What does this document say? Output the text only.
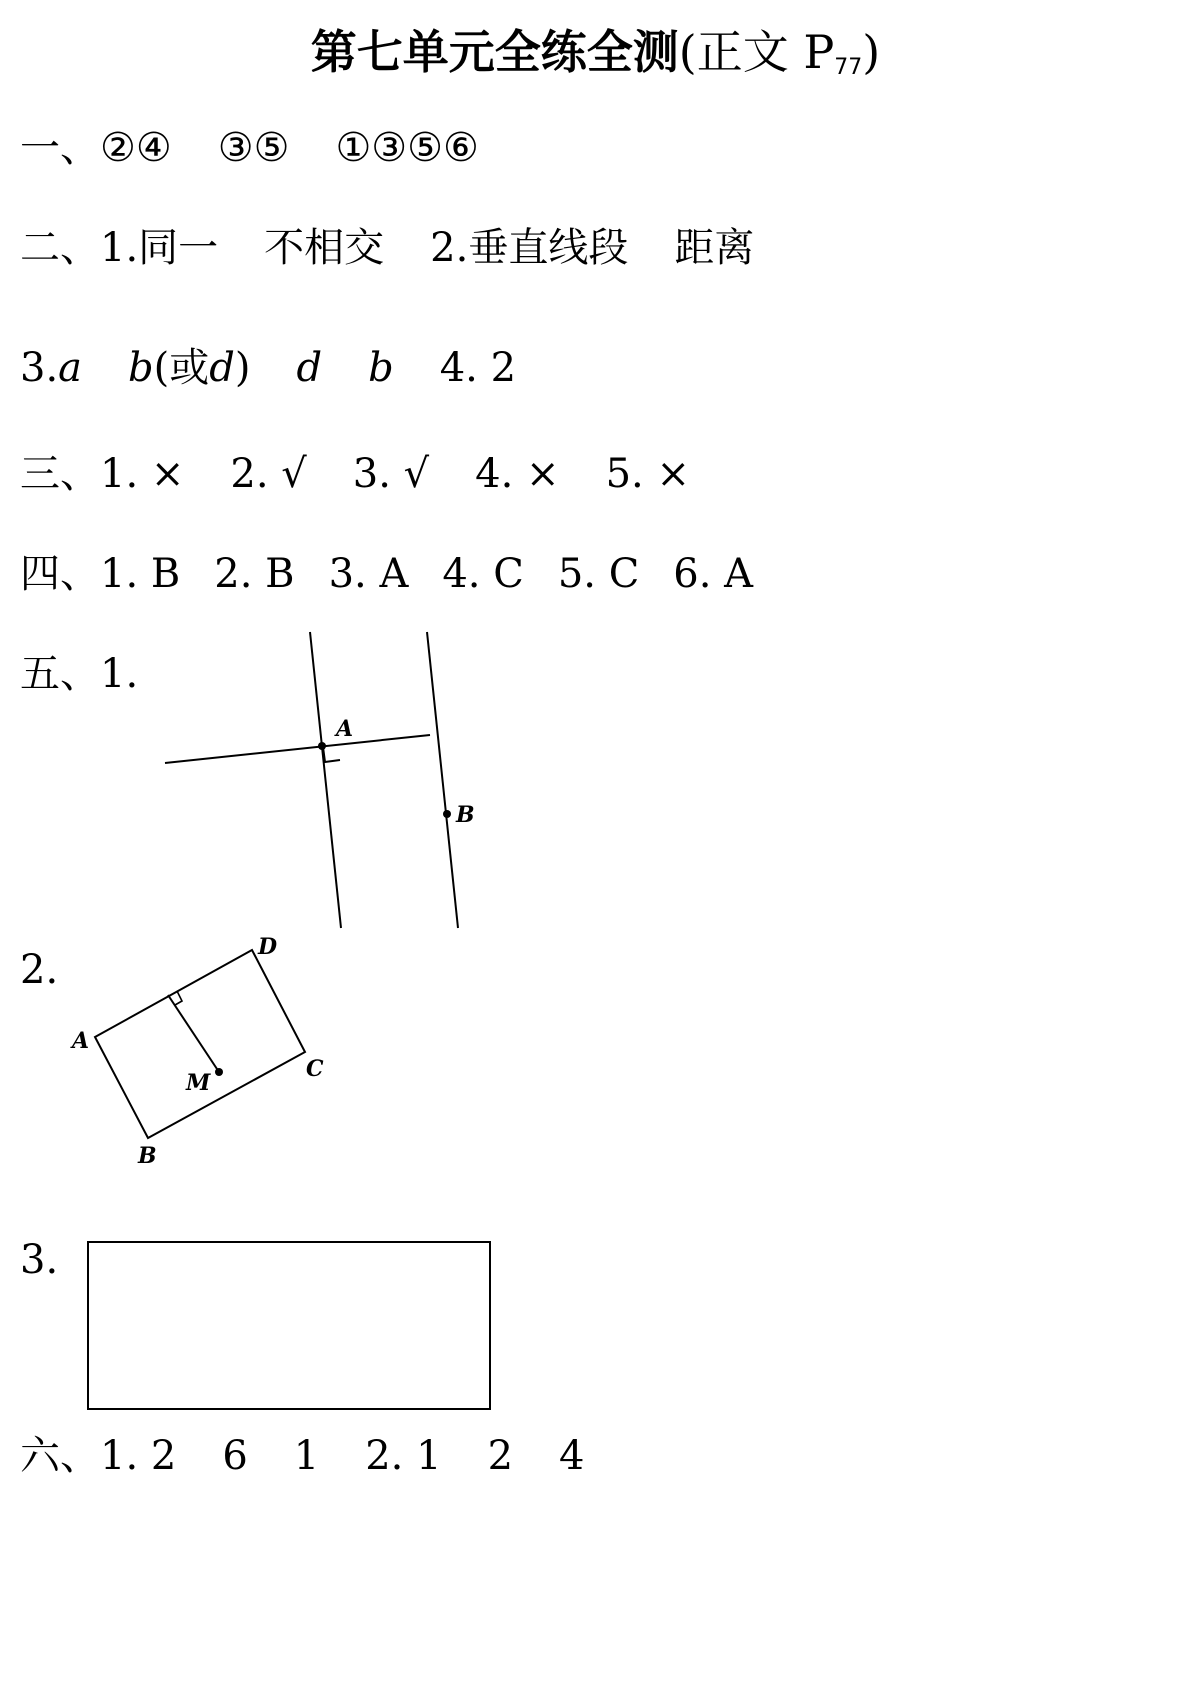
第七单元全练全测(正文 $P_{77}$)
一、②④ ③⑤ ①③⑤⑥
二、1.同一 不相交 2.垂直线段 距离
3.a b(或d) d b 4. 2
三、1. × 2. √ 3. √ 4. × 5. ×
四、1. B 2. B 3. A 4. C 5. C 6. A
五、1.
2.
3.
A
B
A
B
C
D
M
六、1. 2 6 1 2. 1 2 4
